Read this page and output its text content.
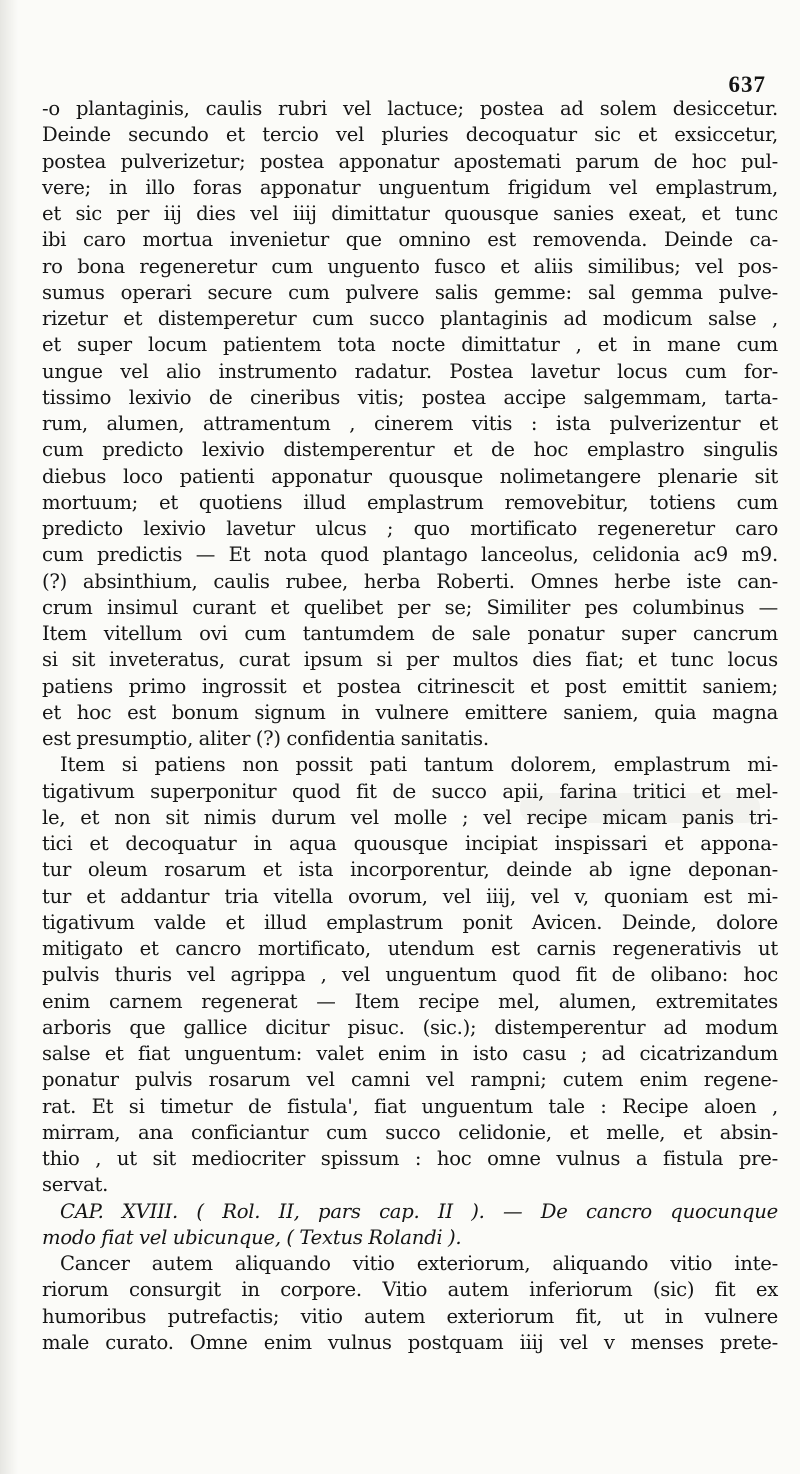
637
-o plantaginis, caulis rubri vel lactuce; postea ad solem desiccetur.
Deinde secundo et tercio vel pluries decoquatur sic et exsiccetur,
postea pulverizetur; postea apponatur apostemati parum de hoc pul-
vere; in illo foras apponatur unguentum frigidum vel emplastrum,
et sic per iij dies vel iiij dimittatur quousque sanies exeat, et tunc
ibi caro mortua invenietur que omnino est removenda. Deinde ca-
ro bona regeneretur cum unguento fusco et aliis similibus; vel pos-
sumus operari secure cum pulvere salis gemme: sal gemma pulve-
rizetur et distemperetur cum succo plantaginis ad modicum salse ,
et super locum patientem tota nocte dimittatur , et in mane cum
ungue vel alio instrumento radatur. Postea lavetur locus cum for-
tissimo lexivio de cineribus vitis; postea accipe salgemmam, tarta-
rum, alumen, attramentum , cinerem vitis : ista pulverizentur et
cum predicto lexivio distemperentur et de hoc emplastro singulis
diebus loco patienti apponatur quousque nolimetangere plenarie sit
mortuum; et quotiens illud emplastrum removebitur, totiens cum
predicto lexivio lavetur ulcus ; quo mortificato regeneretur caro
cum predictis — Et nota quod plantago lanceolus, celidonia ac9 m9.
(?) absinthium, caulis rubee, herba Roberti. Omnes herbe iste can-
crum insimul curant et quelibet per se; Similiter pes columbinus —
Item vitellum ovi cum tantumdem de sale ponatur super cancrum
si sit inveteratus, curat ipsum si per multos dies fiat; et tunc locus
patiens primo ingrossit et postea citrinescit et post emittit saniem;
et hoc est bonum signum in vulnere emittere saniem, quia magna
est presumptio, aliter (?) confidentia sanitatis.
Item si patiens non possit pati tantum dolorem, emplastrum mi-
tigativum superponitur quod fit de succo apii, farina tritici et mel-
le, et non sit nimis durum vel molle ; vel recipe micam panis tri-
tici et decoquatur in aqua quousque incipiat inspissari et appona-
tur oleum rosarum et ista incorporentur, deinde ab igne deponan-
tur et addantur tria vitella ovorum, vel iiij, vel v, quoniam est mi-
tigativum valde et illud emplastrum ponit Avicen. Deinde, dolore
mitigato et cancro mortificato, utendum est carnis regenerativis ut
pulvis thuris vel agrippa , vel unguentum quod fit de olibano: hoc
enim carnem regenerat — Item recipe mel, alumen, extremitates
arboris que gallice dicitur pisuc. (sic.); distemperentur ad modum
salse et fiat unguentum: valet enim in isto casu ; ad cicatrizandum
ponatur pulvis rosarum vel camni vel rampni; cutem enim regene-
rat. Et si timetur de fistula', fiat unguentum tale : Recipe aloen ,
mirram, ana conficiantur cum succo celidonie, et melle, et absin-
thio , ut sit mediocriter spissum : hoc omne vulnus a fistula pre-
servat.
CAP. XVIII. ( Rol. II, pars cap. II ). — De cancro quocunque
modo fiat vel ubicunque, ( Textus Rolandi ).
Cancer autem aliquando vitio exteriorum, aliquando vitio inte-
riorum consurgit in corpore. Vitio autem inferiorum (sic) fit ex
humoribus putrefactis; vitio autem exteriorum fit, ut in vulnere
male curato. Omne enim vulnus postquam iiij vel v menses prete-
